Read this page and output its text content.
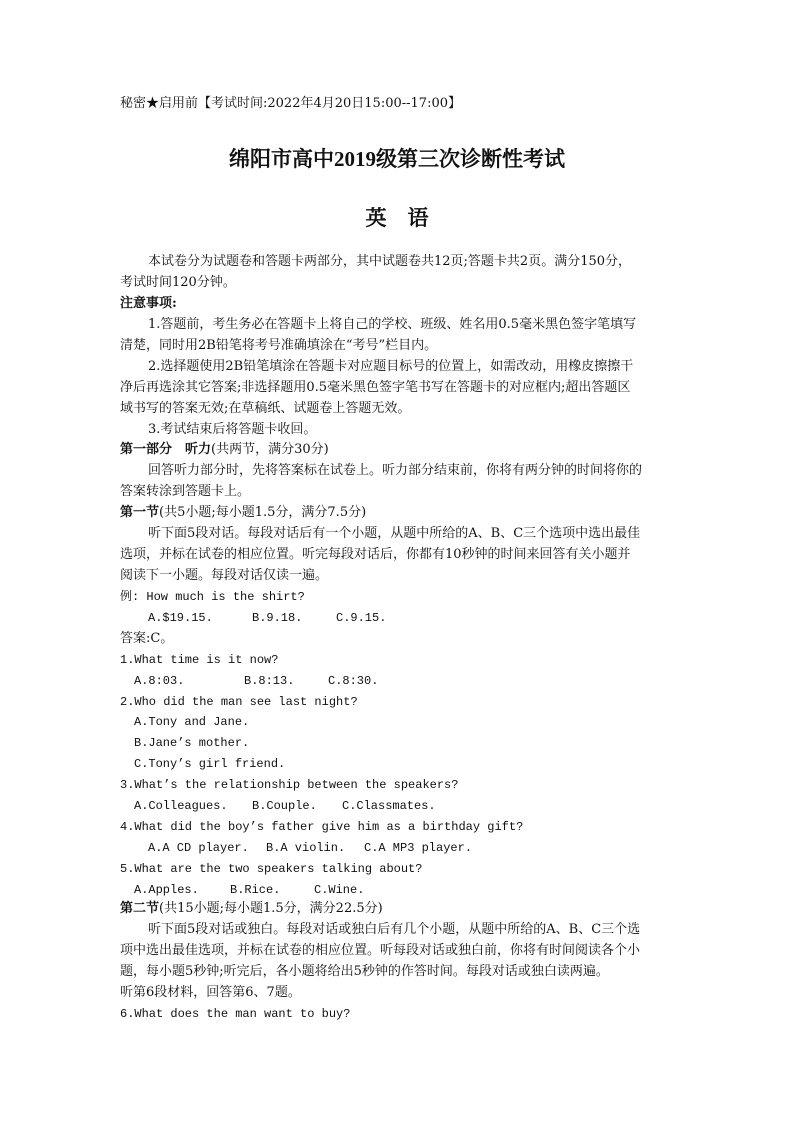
秘密★启用前【考试时间:2022年4月20日15:00--17:00】
绵阳市高中2019级第三次诊断性考试
英　语
本试卷分为试题卷和答题卡两部分，其中试题卷共12页;答题卡共2页。满分150分，
考试时间120分钟。
注意事项:
1.答题前，考生务必在答题卡上将自己的学校、班级、姓名用0.5毫米黑色签字笔填写
清楚，同时用2B铅笔将考号准确填涂在“考号”栏目内。
2.选择题使用2B铅笔填涂在答题卡对应题目标号的位置上，如需改动，用橡皮擦擦干
净后再选涂其它答案;非选择题用0.5毫米黑色签字笔书写在答题卡的对应框内;超出答题区
域书写的答案无效;在草稿纸、试题卷上答题无效。
3.考试结束后将答题卡收回。
第一部分　听力(共两节，满分30分)
回答听力部分时，先将答案标在试卷上。听力部分结束前，你将有两分钟的时间将你的
答案转涂到答题卡上。
第一节(共5小题;每小题1.5分，满分7.5分)
听下面5段对话。每段对话后有一个小题，从题中所给的A、B、C三个选项中选出最佳
选项，并标在试卷的相应位置。听完每段对话后，你都有10秒钟的时间来回答有关小题并
阅读下一小题。每段对话仅读一遍。
例: How much is the shirt?
A.$19.15.	B.9.18.	C.9.15.
答案:C。
1.What time is it now?
A.8:03.	B.8:13.	C.8:30.
2.Who did the man see last night?
A.Tony and Jane.
B.Jane’s mother.
C.Tony’s girl friend.
3.What’s the relationship between the speakers?
A.Colleagues. B.Couple. C.Classmates.
4.What did the boy’s father give him as a birthday gift?
A.A CD player. B.A violin. C.A MP3 player.
5.What are the two speakers talking about?
A.Apples.	B.Rice.	C.Wine.
第二节(共15小题;每小题1.5分，满分22.5分)
听下面5段对话或独白。每段对话或独白后有几个小题，从题中所给的A、B、C三个选
项中选出最佳选项，并标在试卷的相应位置。听每段对话或独白前，你将有时间阅读各个小
题，每小题5秒钟;听完后，各小题将给出5秒钟的作答时间。每段对话或独白读两遍。
听第6段材料，回答第6、7题。
6.What does the man want to buy?
